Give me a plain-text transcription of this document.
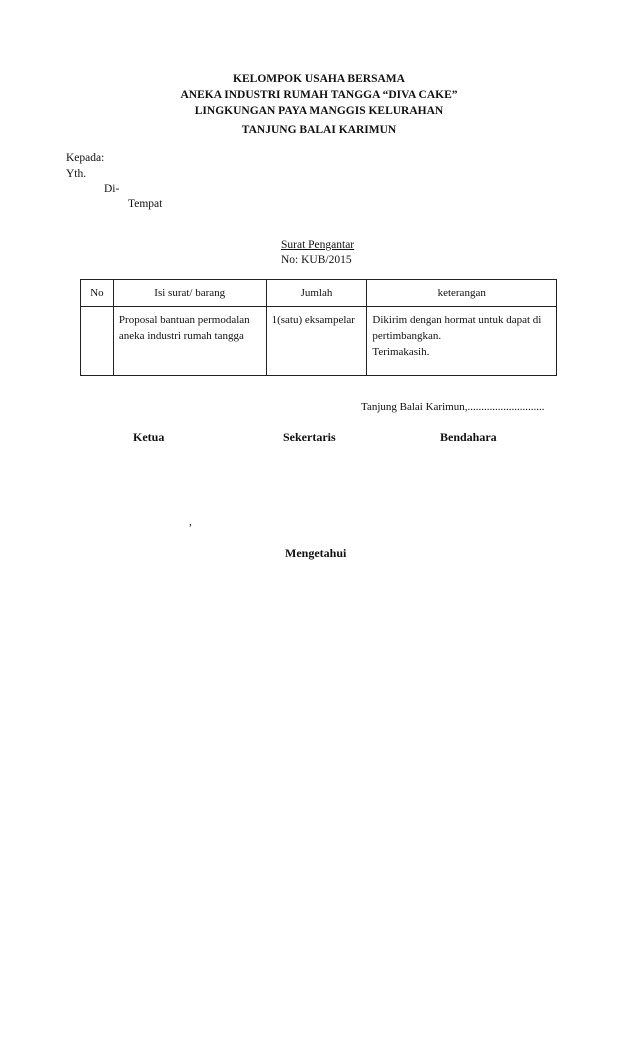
KELOMPOK USAHA BERSAMA
ANEKA INDUSTRI RUMAH TANGGA “DIVA CAKE”
LINGKUNGAN PAYA MANGGIS KELURAHAN
TANJUNG BALAI KARIMUN
Kepada:
Yth.
Di-
Tempat
Surat Pengantar
No: KUB/2015
No	Isi surat/ barang	Jumlah	keterangan
	Proposal bantuan permodalan aneka industri rumah tangga	1(satu) eksampelar	Dikirim dengan hormat untuk dapat di pertimbangkan.
Terimakasih.
Tanjung Balai Karimun,............................
Ketua	Sekertaris	Bendahara
,
Mengetahui
